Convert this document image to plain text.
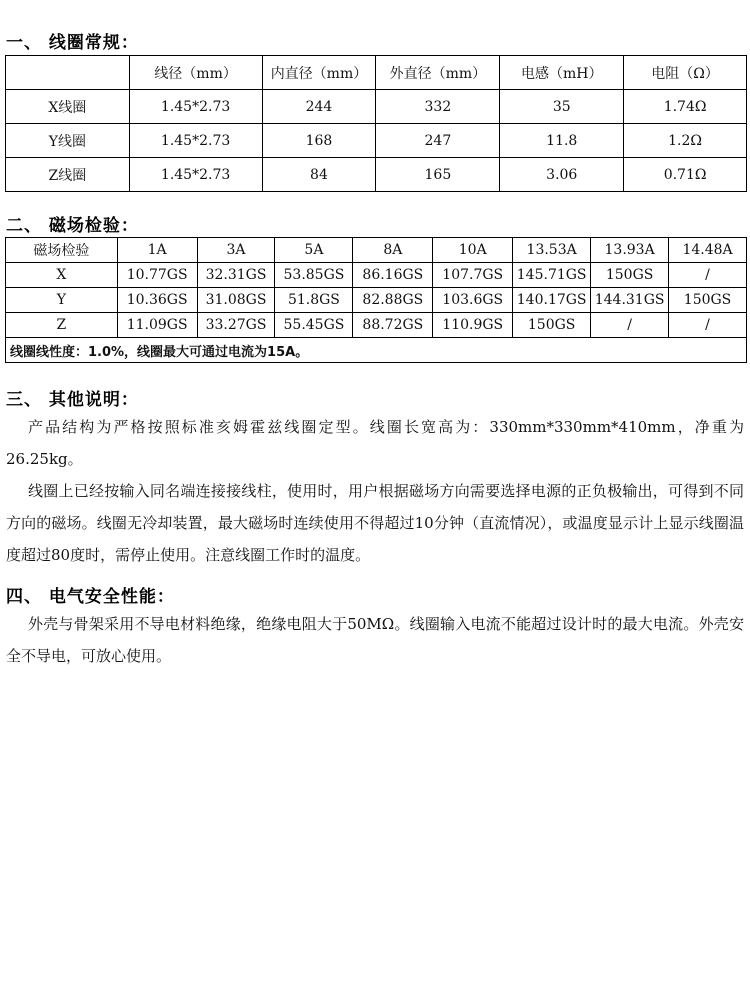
一、 线圈常规：
	线径（mm）	内直径（mm）	外直径（mm）	电感（mH）	电阻（Ω）
X线圈	1.45*2.73	244	332	35	1.74Ω
Y线圈	1.45*2.73	168	247	11.8	1.2Ω
Z线圈	1.45*2.73	84	165	3.06	0.71Ω
二、 磁场检验：
磁场检验	1A	3A	5A	8A	10A	13.53A	13.93A	14.48A
X	10.77GS	32.31GS	53.85GS	86.16GS	107.7GS	145.71GS	150GS	/
Y	10.36GS	31.08GS	51.8GS	82.88GS	103.6GS	140.17GS	144.31GS	150GS
Z	11.09GS	33.27GS	55.45GS	88.72GS	110.9GS	150GS	/	/
线圈线性度：1.0%，线圈最大可通过电流为15A。								
三、 其他说明：
产品结构为严格按照标准亥姆霍兹线圈定型。线圈长宽高为：330mm*330mm*410mm，净重为26.25kg。
线圈上已经按输入同名端连接接线柱，使用时，用户根据磁场方向需要选择电源的正负极输出，可得到不同方向的磁场。线圈无冷却装置，最大磁场时连续使用不得超过10分钟（直流情况），或温度显示计上显示线圈温度超过80度时，需停止使用。注意线圈工作时的温度。
四、 电气安全性能：
外壳与骨架采用不导电材料绝缘，绝缘电阻大于50MΩ。线圈输入电流不能超过设计时的最大电流。外壳安全不导电，可放心使用。
